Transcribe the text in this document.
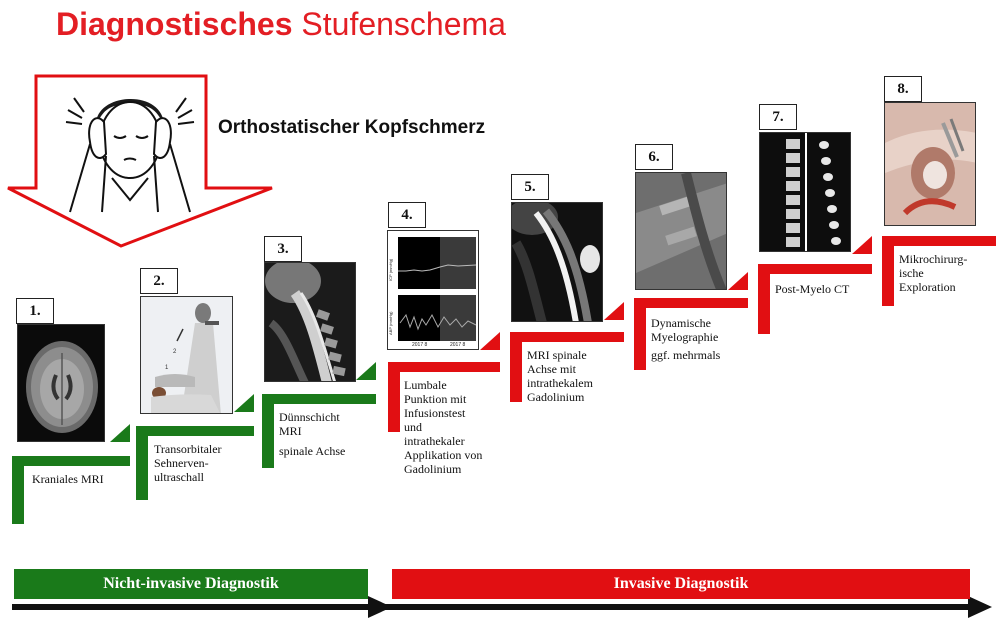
Diagnostisches Stufenschema
Orthostatischer Kopfschmerz
2
1
ICP (mmHg)
ABP (mmHg)
2017 8	2017 8
1.
2.
3.
4.
5.
6.
7.
8.
Kraniales MRI
Transorbitaler
Sehnerven-
ultraschall
Dünnschicht
MRI
spinale Achse
Lumbale
Punktion mit
Infusionstest
und
intrathekaler
Applikation von
Gadolinium
MRI spinale
Achse mit
intrathekalem
Gadolinium
Dynamische
Myelographie
ggf. mehrmals
Post-Myelo CT
Mikrochirurg-
ische
Exploration
Nicht-invasive Diagnostik	Invasive Diagnostik
